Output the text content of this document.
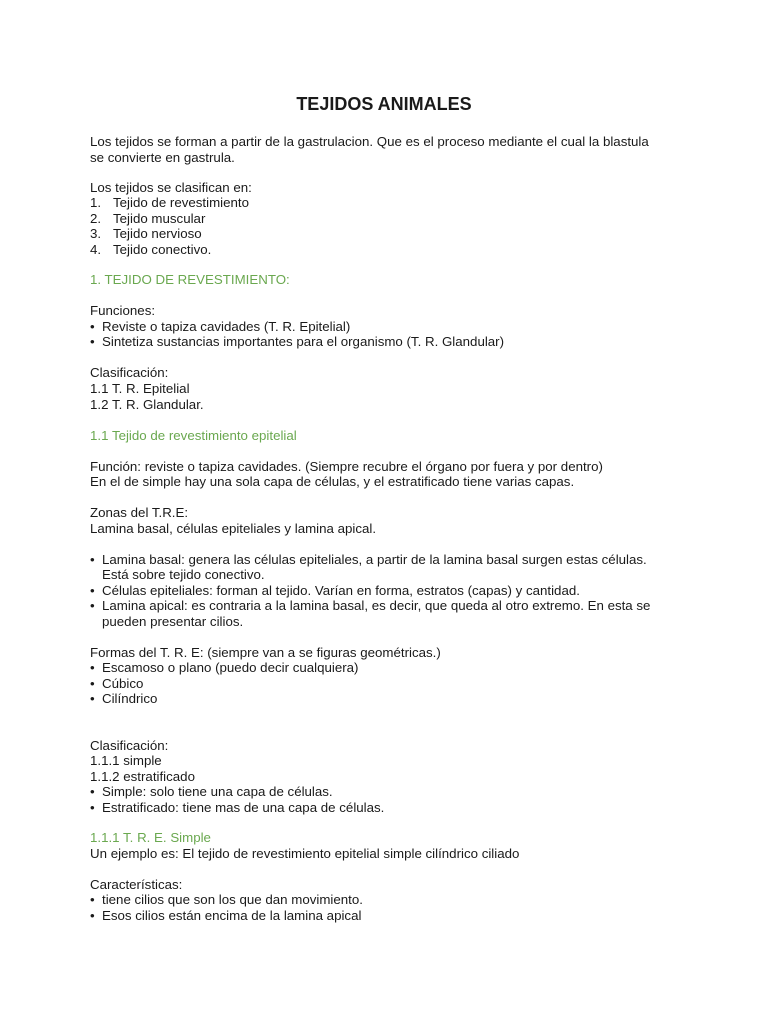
TEJIDOS ANIMALES
Los tejidos se forman a partir de la gastrulacion. Que es el proceso mediante el cual la blastula
se convierte en gastrula.
Los tejidos se clasifican en:
1. Tejido de revestimiento
2. Tejido muscular
3. Tejido nervioso
4. Tejido conectivo.
1. TEJIDO DE REVESTIMIENTO:
Funciones:
• Reviste o tapiza cavidades (T. R. Epitelial)
• Sintetiza sustancias importantes para el organismo (T. R. Glandular)
Clasificación:
1.1 T. R. Epitelial
1.2 T. R. Glandular.
1.1 Tejido de revestimiento epitelial
Función: reviste o tapiza cavidades. (Siempre recubre el órgano por fuera y por dentro)
En el de simple hay una sola capa de células, y el estratificado tiene varias capas.
Zonas del T.R.E:
Lamina basal, células epiteliales y lamina apical.
• Lamina basal: genera las células epiteliales, a partir de la lamina basal surgen estas células.
Está sobre tejido conectivo.
• Células epiteliales: forman al tejido. Varían en forma, estratos (capas) y cantidad.
• Lamina apical: es contraria a la lamina basal, es decir, que queda al otro extremo. En esta se
pueden presentar cilios.
Formas del T. R. E: (siempre van a se figuras geométricas.)
• Escamoso o plano (puedo decir cualquiera)
• Cúbico
• Cilíndrico
Clasificación:
1.1.1 simple
1.1.2 estratificado
• Simple: solo tiene una capa de células.
• Estratificado: tiene mas de una capa de células.
1.1.1 T. R. E. Simple
Un ejemplo es: El tejido de revestimiento epitelial simple cilíndrico ciliado
Características:
• tiene cilios que son los que dan movimiento.
• Esos cilios están encima de la lamina apical
